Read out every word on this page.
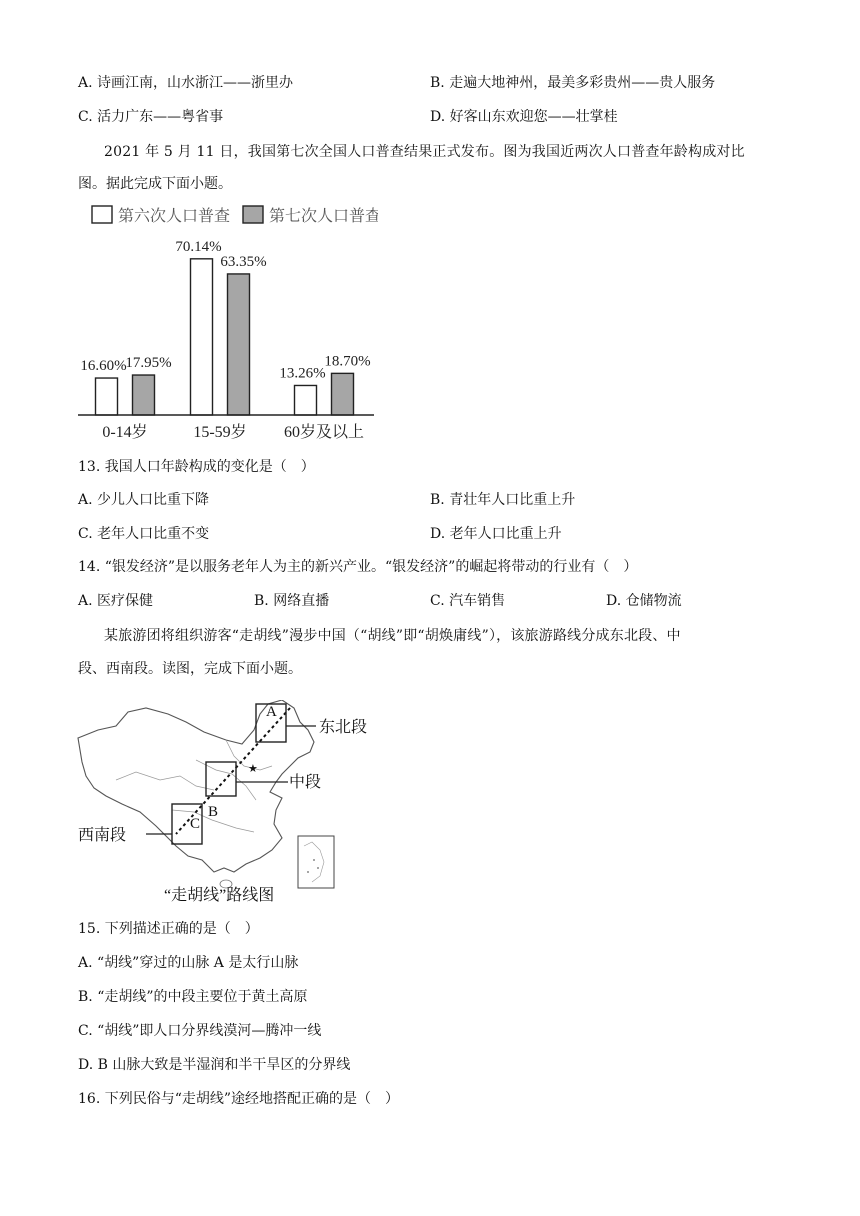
A. 诗画江南，山水浙江——浙里办	B. 走遍大地神州，最美多彩贵州——贵人服务
C. 活力广东——粤省事	D. 好客山东欢迎您——壮掌桂
2021 年 5 月 11 日，我国第七次全国人口普查结果正式发布。图为我国近两次人口普查年龄构成对比
图。据此完成下面小题。
第六次人口普查 第七次人口普查
16.60%
17.95%
70.14%
63.35%
13.26%
18.70%
0-14岁	15-59岁 60岁及以上
13. 我国人口年龄构成的变化是（　）
A. 少儿人口比重下降	B. 青壮年人口比重上升
C. 老年人口比重不变	D. 老年人口比重上升
14. “银发经济”是以服务老年人为主的新兴产业。“银发经济”的崛起将带动的行业有（　）
A. 医疗保健	B. 网络直播	C. 汽车销售	D. 仓储物流
某旅游团将组织游客“走胡线”漫步中国（“胡线”即“胡焕庸线”），该旅游路线分成东北段、中
段、西南段。读图，完成下面小题。
★
A
B
C
东北段
中段
西南段
“走胡线”路线图
15. 下列描述正确的是（　）
A. “胡线”穿过的山脉 A 是太行山脉
B. “走胡线”的中段主要位于黄土高原
C. “胡线”即人口分界线漠河—腾冲一线
D. B 山脉大致是半湿润和半干旱区的分界线
16. 下列民俗与“走胡线”途经地搭配正确的是（　）
